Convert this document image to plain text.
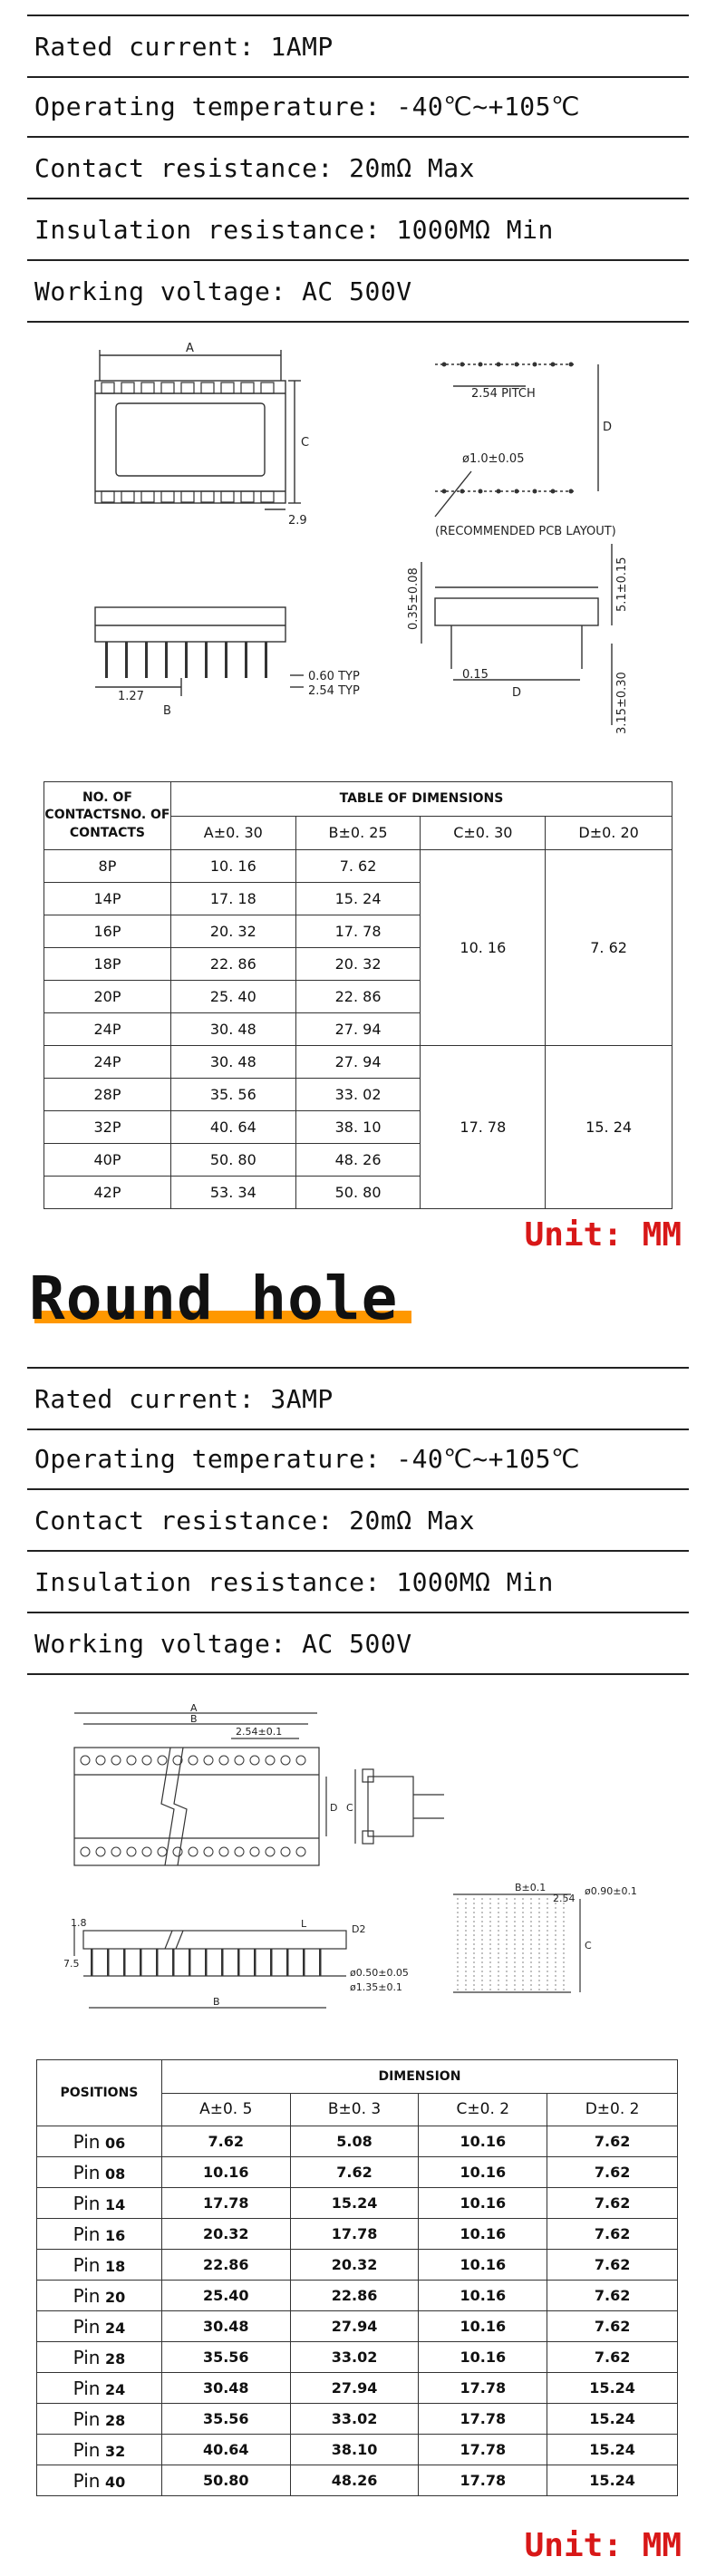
Rated current: 1AMP
Operating temperature: -40℃~+105℃
Contact resistance: 20mΩ Max
Insulation resistance: 1000MΩ Min
Working voltage: AC 500V
A
C
2.9
2.54 PITCH
D
ø1.0±0.05
(RECOMMENDED PCB LAYOUT)
1.27
B
0.60 TYP
2.54 TYP
0.35±0.08
0.15
D
5.1±0.15
3.15±0.30
NO. OF
CONTACTSNO. OF
CONTACTS	TABLE OF DIMENSIONS			
	A±0. 30	B±0. 25	C±0. 30	D±0. 20
8P	10. 16	7. 62	10. 16	7. 62
14P	17. 18	15. 24		
16P	20. 32	17. 78		
18P	22. 86	20. 32		
20P	25. 40	22. 86		
24P	30. 48	27. 94		
24P	30. 48	27. 94	17. 78	15. 24
28P	35. 56	33. 02		
32P	40. 64	38. 10		
40P	50. 80	48. 26		
42P	53. 34	50. 80		
Unit: MM
Round hole
Rated current: 3AMP
Operating temperature: -40℃~+105℃
Contact resistance: 20mΩ Max
Insulation resistance: 1000MΩ Min
Working voltage: AC 500V
A
B
2.54±0.1
D C
1.8
7.5
L	D2
ø0.50±0.05
ø1.35±0.1
B
B±0.1
2.54
ø0.90±0.1
C
POSITIONS	DIMENSION			
	A±0. 5	B±0. 3	C±0. 2	D±0. 2
Pin 06	7.62	5.08	10.16	7.62
Pin 08	10.16	7.62	10.16	7.62
Pin 14	17.78	15.24	10.16	7.62
Pin 16	20.32	17.78	10.16	7.62
Pin 18	22.86	20.32	10.16	7.62
Pin 20	25.40	22.86	10.16	7.62
Pin 24	30.48	27.94	10.16	7.62
Pin 28	35.56	33.02	10.16	7.62
Pin 24	30.48	27.94	17.78	15.24
Pin 28	35.56	33.02	17.78	15.24
Pin 32	40.64	38.10	17.78	15.24
Pin 40	50.80	48.26	17.78	15.24
Unit: MM
